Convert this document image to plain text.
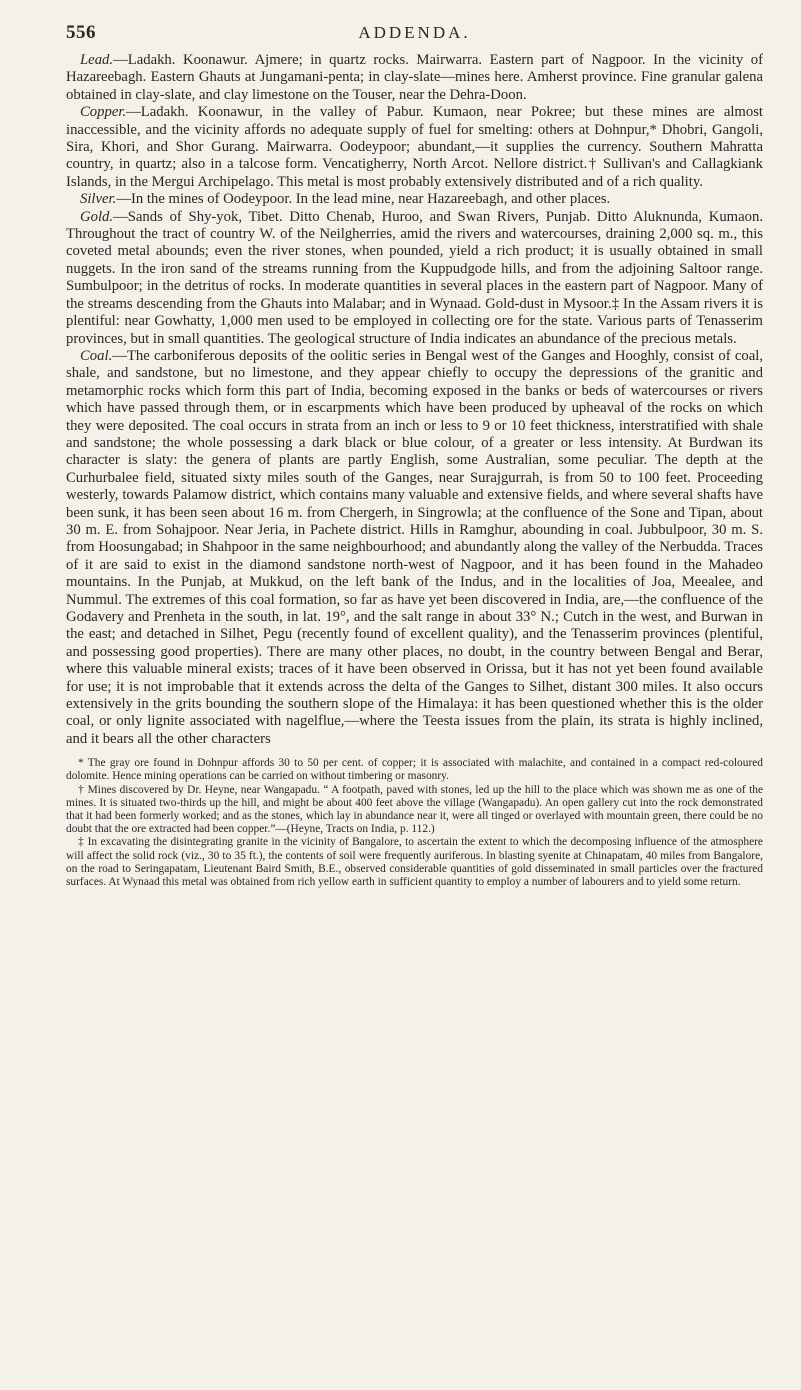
556	ADDENDA.

Lead.—Ladakh. Koonawur. Ajmere; in quartz rocks. Mairwarra. Eastern part of Nagpoor. In the vicinity of Hazareebagh. Eastern Ghauts at Jungamani-penta; in clay-slate—mines here. Amherst province. Fine granular galena obtained in clay-slate, and clay limestone on the Touser, near the Dehra-Doon.

Copper.—Ladakh. Koonawur, in the valley of Pabur. Kumaon, near Pokree; but these mines are almost inaccessible, and the vicinity affords no adequate supply of fuel for smelting: others at Dohnpur,* Dhobri, Gangoli, Sira, Khori, and Shor Gurang. Mairwarra. Oodeypoor; abundant,—it supplies the currency. Southern Mahratta country, in quartz; also in a talcose form. Vencatigherry, North Arcot. Nellore district.† Sullivan's and Callagkiank Islands, in the Mergui Archipelago. This metal is most probably extensively distributed and of a rich quality.

Silver.—In the mines of Oodeypoor. In the lead mine, near Hazareebagh, and other places.

Gold.—Sands of Shy-yok, Tibet. Ditto Chenab, Huroo, and Swan Rivers, Punjab. Ditto Aluknunda, Kumaon. Throughout the tract of country W. of the Neilgherries, amid the rivers and watercourses, draining 2,000 sq. m., this coveted metal abounds; even the river stones, when pounded, yield a rich product; it is usually obtained in small nuggets. In the iron sand of the streams running from the Kuppudgode hills, and from the adjoining Saltoor range. Sumbulpoor; in the detritus of rocks. In moderate quantities in several places in the eastern part of Nagpoor. Many of the streams descending from the Ghauts into Malabar; and in Wynaad. Gold-dust in Mysoor.‡ In the Assam rivers it is plentiful: near Gowhatty, 1,000 men used to be employed in collecting ore for the state. Various parts of Tenasserim provinces, but in small quantities. The geological structure of India indicates an abundance of the precious metals.

Coal.—The carboniferous deposits of the oolitic series in Bengal west of the Ganges and Hooghly, consist of coal, shale, and sandstone, but no limestone, and they appear chiefly to occupy the depressions of the granitic and metamorphic rocks which form this part of India, becoming exposed in the banks or beds of watercourses or rivers which have passed through them, or in escarpments which have been produced by upheaval of the rocks on which they were deposited. The coal occurs in strata from an inch or less to 9 or 10 feet thickness, interstratified with shale and sandstone; the whole possessing a dark black or blue colour, of a greater or less intensity. At Burdwan its character is slaty: the genera of plants are partly English, some Australian, some peculiar. The depth at the Curhurbalee field, situated sixty miles south of the Ganges, near Surajgurrah, is from 50 to 100 feet. Proceeding westerly, towards Palamow district, which contains many valuable and extensive fields, and where several shafts have been sunk, it has been seen about 16 m. from Chergerh, in Singrowla; at the confluence of the Sone and Tipan, about 30 m. E. from Sohajpoor. Near Jeria, in Pachete district. Hills in Ramghur, abounding in coal. Jubbulpoor, 30 m. S. from Hoosungabad; in Shahpoor in the same neighbourhood; and abundantly along the valley of the Nerbudda. Traces of it are said to exist in the diamond sandstone north-west of Nagpoor, and it has been found in the Mahadeo mountains. In the Punjab, at Mukkud, on the left bank of the Indus, and in the localities of Joa, Meealee, and Nummul. The extremes of this coal formation, so far as have yet been discovered in India, are,—the confluence of the Godavery and Prenheta in the south, in lat. 19°, and the salt range in about 33° N.; Cutch in the west, and Burwan in the east; and detached in Silhet, Pegu (recently found of excellent quality), and the Tenasserim provinces (plentiful, and possessing good properties). There are many other places, no doubt, in the country between Bengal and Berar, where this valuable mineral exists; traces of it have been observed in Orissa, but it has not yet been found available for use; it is not improbable that it extends across the delta of the Ganges to Silhet, distant 300 miles. It also occurs extensively in the grits bounding the southern slope of the Himalaya: it has been questioned whether this is the older coal, or only lignite associated with nagelflue,—where the Teesta issues from the plain, its strata is highly inclined, and it bears all the other characters

* The gray ore found in Dohnpur affords 30 to 50 per cent. of copper; it is associated with malachite, and contained in a compact red-coloured dolomite. Hence mining operations can be carried on without timbering or masonry.

† Mines discovered by Dr. Heyne, near Wangapadu. “ A footpath, paved with stones, led up the hill to the place which was shown me as one of the mines. It is situated two-thirds up the hill, and might be about 400 feet above the village (Wangapadu). An open gallery cut into the rock demonstrated that it had been formerly worked; and as the stones, which lay in abundance near it, were all tinged or overlayed with mountain green, there could be no doubt that the ore extracted had been copper.”—(Heyne, Tracts on India, p. 112.)

‡ In excavating the disintegrating granite in the vicinity of Bangalore, to ascertain the extent to which the decomposing influence of the atmosphere will affect the solid rock (viz., 30 to 35 ft.), the contents of soil were frequently auriferous. In blasting syenite at Chinapatam, 40 miles from Bangalore, on the road to Seringapatam, Lieutenant Baird Smith, B.E., observed considerable quantities of gold disseminated in small particles over the fractured surfaces. At Wynaad this metal was obtained from rich yellow earth in sufficient quantity to employ a number of labourers and to yield some return.
